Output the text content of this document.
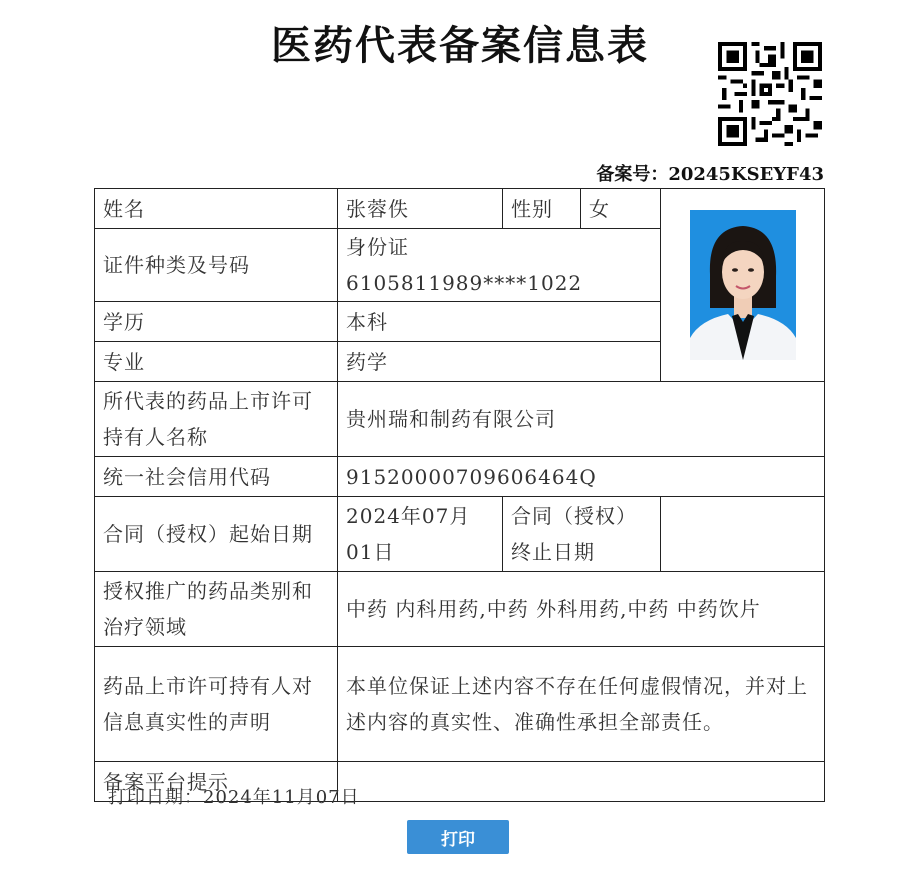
医药代表备案信息表
备案号：20245KSEYF43
姓名	张蓉佚	性别	女	

证件种类及号码	身份证 6105811989****1022			
学历	本科			
专业	药学			
所代表的药品上市许可持有人名称	贵州瑞和制药有限公司			
统一社会信用代码	91520000709606464Q			
合同（授权）起始日期	2024年07月01日	合同（授权）终止日期		
授权推广的药品类别和治疗领域	中药 内科用药,中药 外科用药,中药 中药饮片			
药品上市许可持有人对信息真实性的声明	本单位保证上述内容不存在任何虚假情况，并对上述内容的真实性、准确性承担全部责任。			
备案平台提示				
打印日期：2024年11月07日
打印
